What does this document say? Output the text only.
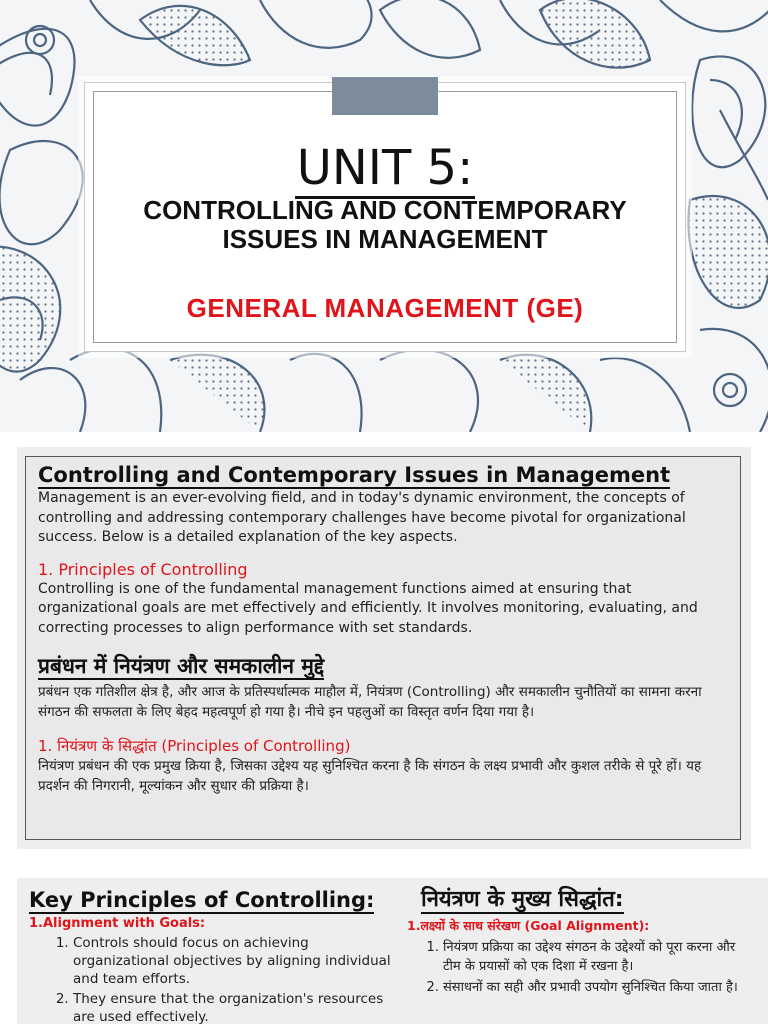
UNIT 5:
CONTROLLING AND CONTEMPORARY
ISSUES IN MANAGEMENT
GENERAL MANAGEMENT (GE)
Controlling and Contemporary Issues in Management

Management is an ever-evolving field, and in today's dynamic environment, the concepts of controlling and addressing contemporary challenges have become pivotal for organizational success. Below is a detailed explanation of the key aspects.

1. Principles of Controlling

Controlling is one of the fundamental management functions aimed at ensuring that organizational goals are met effectively and efficiently. It involves monitoring, evaluating, and correcting processes to align performance with set standards.

प्रबंधन में नियंत्रण और समकालीन मुद्दे

प्रबंधन एक गतिशील क्षेत्र है, और आज के प्रतिस्पर्धात्मक माहौल में, नियंत्रण (Controlling) और समकालीन चुनौतियों का सामना करना संगठन की सफलता के लिए बेहद महत्वपूर्ण हो गया है। नीचे इन पहलुओं का विस्तृत वर्णन दिया गया है।

1. नियंत्रण के सिद्धांत (Principles of Controlling)

नियंत्रण प्रबंधन की एक प्रमुख क्रिया है, जिसका उद्देश्य यह सुनिश्चित करना है कि संगठन के लक्ष्य प्रभावी और कुशल तरीके से पूरे हों। यह प्रदर्शन की निगरानी, मूल्यांकन और सुधार की प्रक्रिया है।

Key Principles of Controlling:
1.Alignment with Goals:
1. Controls should focus on achieving organizational objectives by aligning individual and team efforts.
2. They ensure that the organization's resources are used effectively.
नियंत्रण के मुख्य सिद्धांत:
1.लक्ष्यों के साथ संरेखण (Goal Alignment):
1. नियंत्रण प्रक्रिया का उद्देश्य संगठन के उद्देश्यों को पूरा करना और टीम के प्रयासों को एक दिशा में रखना है।
2. संसाधनों का सही और प्रभावी उपयोग सुनिश्चित किया जाता है।
